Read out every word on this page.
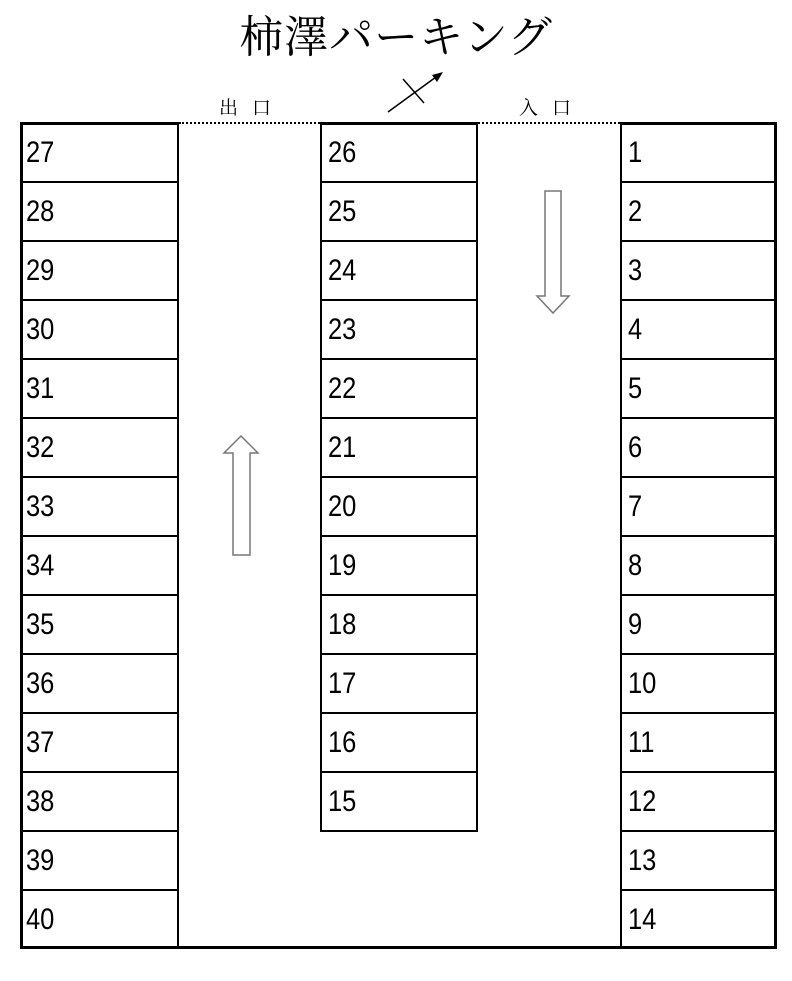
柿澤パーキング
出口	入口
27
28
29
30
31
32
33
34
35
36
37
38
39
40
26
25
24
23
22
21
20
19
18
17
16
15
1
2
3
4
5
6
7
8
9
10
11
12
13
14
